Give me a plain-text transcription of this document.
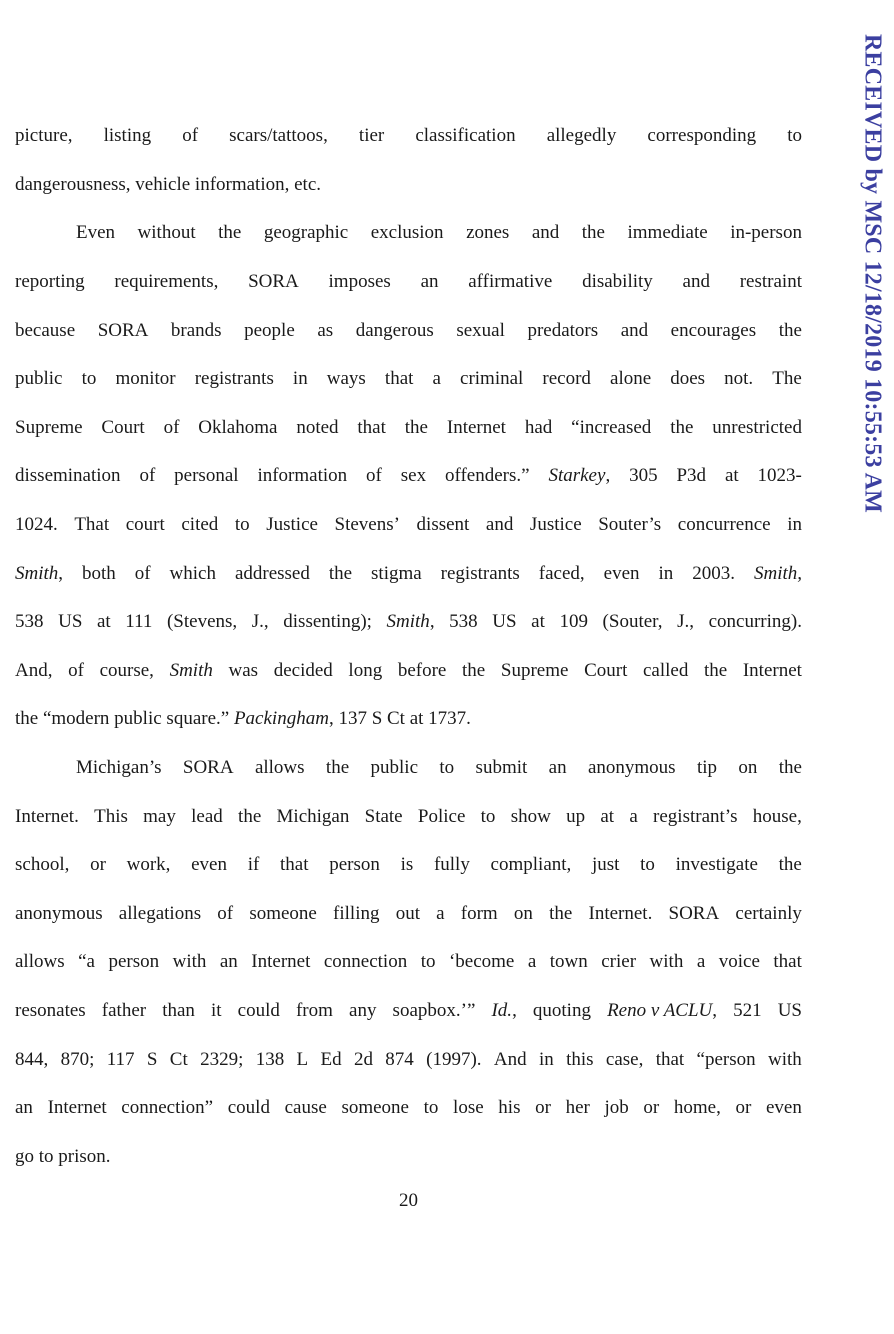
RECEIVED by MSC 12/18/2019 10:55:53 AM
picture, listing of scars/tattoos, tier classification allegedly corresponding to
dangerousness, vehicle information, etc.
Even without the geographic exclusion zones and the immediate in-person
reporting requirements, SORA imposes an affirmative disability and restraint
because SORA brands people as dangerous sexual predators and encourages the
public to monitor registrants in ways that a criminal record alone does not. The
Supreme Court of Oklahoma noted that the Internet had “increased the unrestricted
dissemination of personal information of sex offenders.” Starkey, 305 P3d at 1023-
1024. That court cited to Justice Stevens’ dissent and Justice Souter’s concurrence in
Smith, both of which addressed the stigma registrants faced, even in 2003. Smith,
538 US at 111 (Stevens, J., dissenting); Smith, 538 US at 109 (Souter, J., concurring).
And, of course, Smith was decided long before the Supreme Court called the Internet
the “modern public square.” Packingham , 137 S Ct at 1737.
Michigan’s SORA allows the public to submit an anonymous tip on the
Internet. This may lead the Michigan State Police to show up at a registrant’s house,
school, or work, even if that person is fully compliant, just to investigate the
anonymous allegations of someone filling out a form on the Internet. SORA certainly
allows “a person with an Internet connection to ‘become a town crier with a voice that
resonates father than it could from any soapbox.’” Id., quoting Reno v ACLU, 521 US
844, 870; 117 S Ct 2329; 138 L Ed 2d 874 (1997). And in this case, that “person with
an Internet connection” could cause someone to lose his or her job or home, or even
go to prison.
20
